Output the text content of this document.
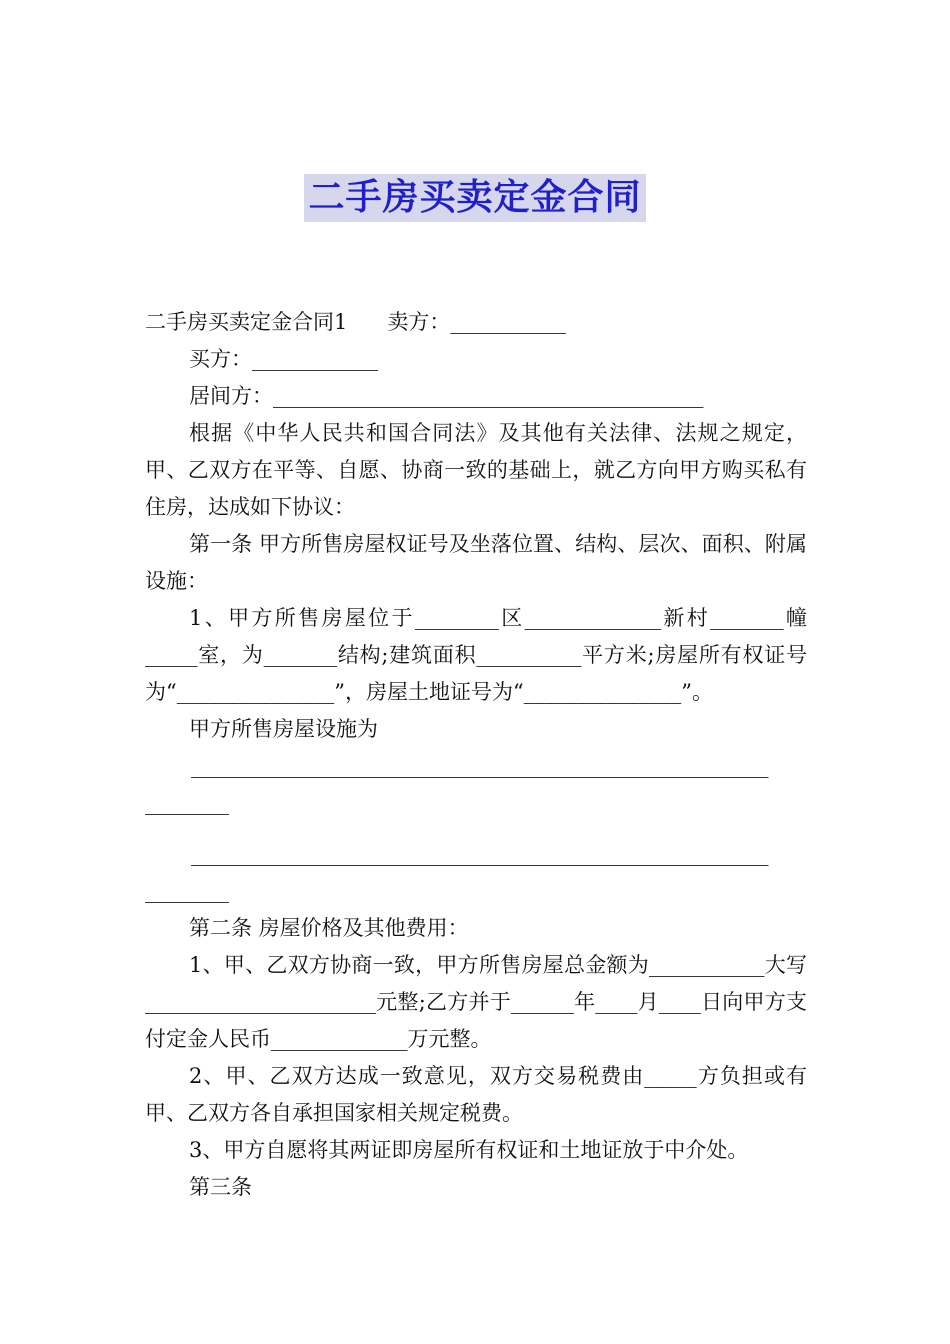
二手房买卖定金合同

二手房买卖定金合同1 卖方：___________

买方：____________

居间方：_________________________________________

根据《中华人民共和国合同法》及其他有关法律、法规之规定，甲、乙双方在平等、自愿、协商一致的基础上，就乙方向甲方购买私有住房，达成如下协议：

第一条 甲方所售房屋权证号及坐落位置、结构、层次、面积、附属设施：

1、甲方所售房屋位于________区_____________新村_______幢_____室，为_______结构;建筑面积__________平方米;房屋所有权证号为“_______________”，房屋土地证号为“_______________”。

甲方所售房屋设施为

_______________________________________________________

________

_______________________________________________________

________

第二条 房屋价格及其他费用：

1、甲、乙双方协商一致，甲方所售房屋总金额为___________大写______________________元整;乙方并于______年____月____日向甲方支付定金人民币_____________万元整。

2、甲、乙双方达成一致意见，双方交易税费由_____方负担或有甲、乙双方各自承担国家相关规定税费。

3、甲方自愿将其两证即房屋所有权证和土地证放于中介处。

第三条
